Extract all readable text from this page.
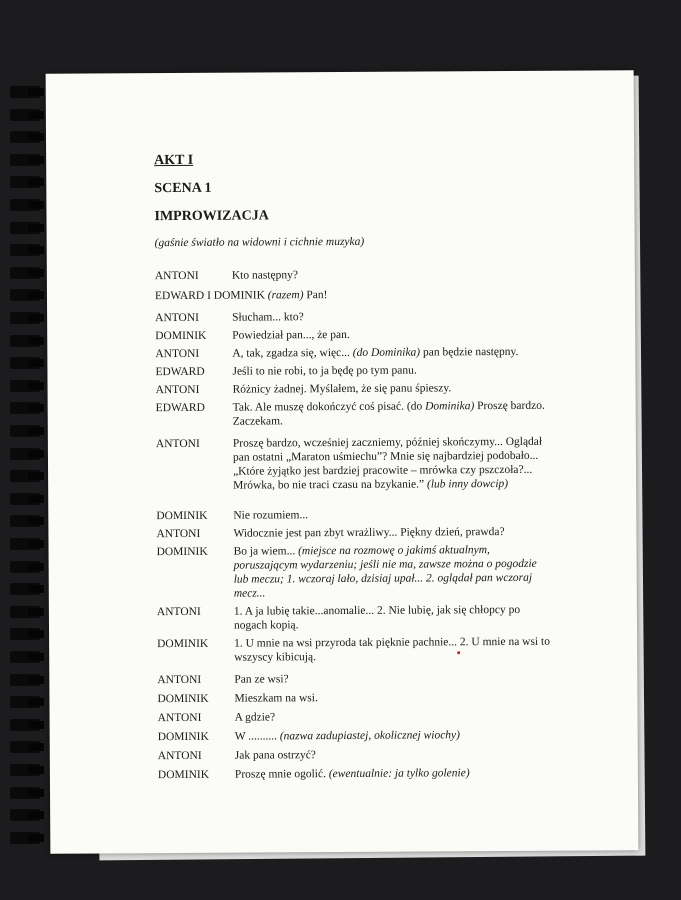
AKT I
SCENA 1
IMPROWIZACJA
(gaśnie światło na widowni i cichnie muzyka)
ANTONI	Kto następny?
EDWARD I DOMINIK (razem) Pan!
ANTONI	Słucham... kto?
DOMINIK Powiedział pan..., że pan.
ANTONI	A, tak, zgadza się, więc... (do Dominika) pan będzie następny.
EDWARD Jeśli to nie robi, to ja będę po tym panu.
ANTONI	Różnicy żadnej. Myślałem, że się panu śpieszy.
EDWARD Tak. Ale muszę dokończyć coś pisać. (do Dominika) Proszę bardzo. Zaczekam.
ANTONI	Proszę bardzo, wcześniej zaczniemy, później skończymy... Oglądał pan ostatni „Maraton uśmiechu”? Mnie się najbardziej podobało... „Które żyjątko jest bardziej pracowite – mrówka czy pszczoła?... Mrówka, bo nie traci czasu na bzykanie.” (lub inny dowcip)
DOMINIK Nie rozumiem...
ANTONI	Widocznie jest pan zbyt wrażliwy... Piękny dzień, prawda?
DOMINIK Bo ja wiem... (miejsce na rozmowę o jakimś aktualnym, poruszającym wydarzeniu; jeśli nie ma, zawsze można o pogodzie lub meczu; 1. wczoraj lało, dzisiaj upał... 2. oglądał pan wczoraj mecz...
ANTONI	1. A ja lubię takie...anomalie... 2. Nie lubię, jak się chłopcy po nogach kopią.
DOMINIK 1. U mnie na wsi przyroda tak pięknie pachnie... 2. U mnie na wsi to wszyscy kibicują.
ANTONI	Pan ze wsi?
DOMINIK Mieszkam na wsi.
ANTONI	A gdzie?
DOMINIK W .......... (nazwa zadupiastej, okolicznej wiochy)
ANTONI	Jak pana ostrzyć?
DOMINIK Proszę mnie ogolić. (ewentualnie: ja tylko golenie)
8
